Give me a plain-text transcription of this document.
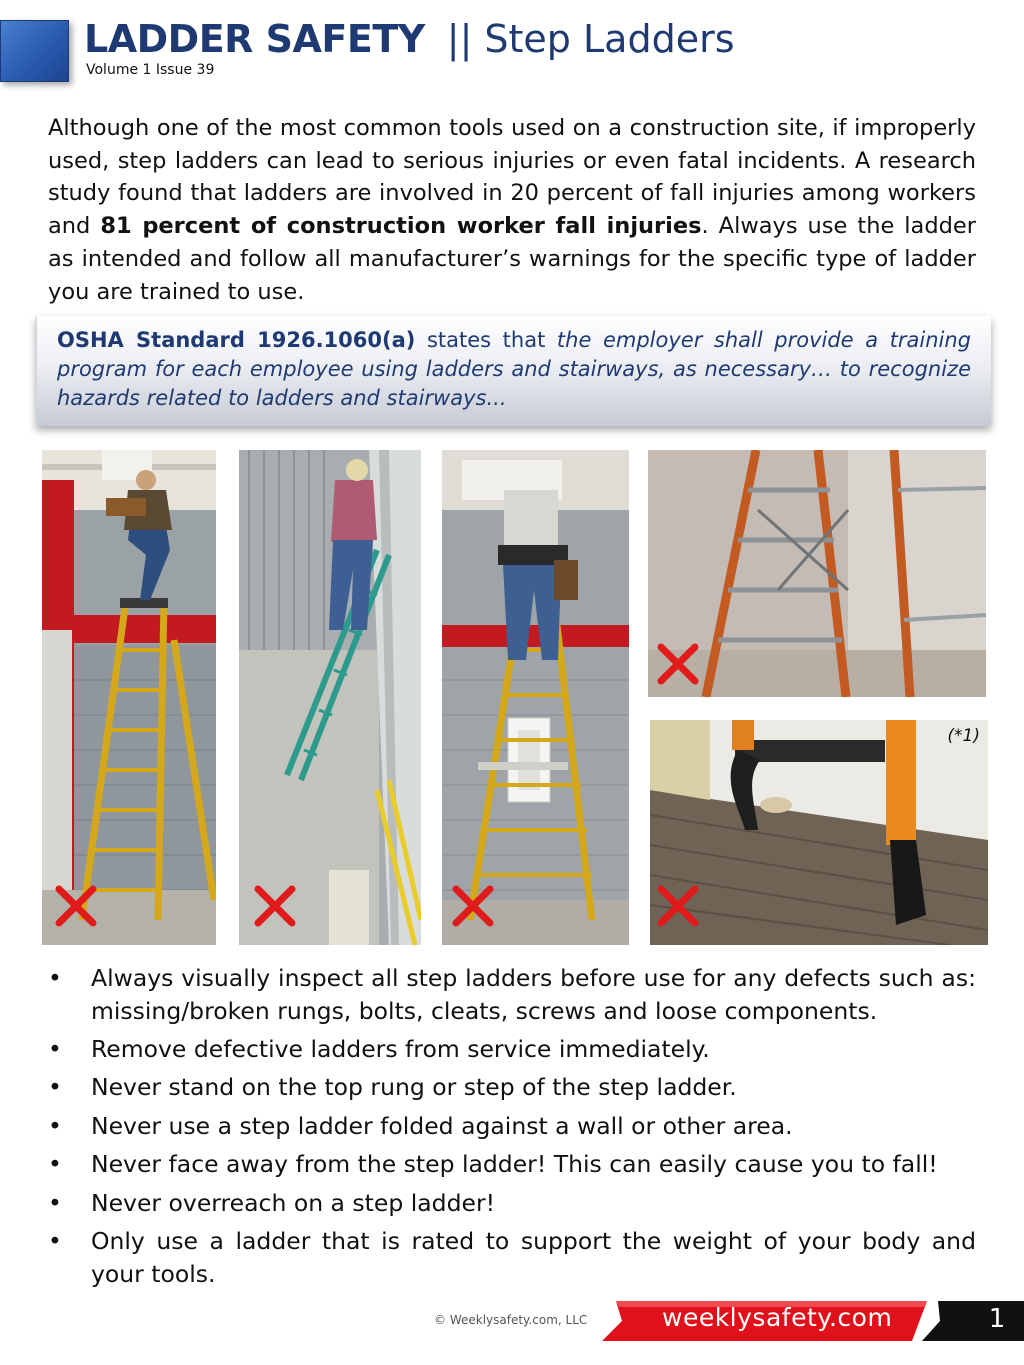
LADDER SAFETY || Step Ladders
Volume 1 Issue 39
Although one of the most common tools used on a construction site, if improperly used, step ladders can lead to serious injuries or even fatal incidents. A research study found that ladders are involved in 20 percent of fall injuries among workers and 81 percent of construction worker fall injuries. Always use the ladder as intended and follow all manufacturer’s warnings for the specific type of ladder you are trained to use.
OSHA Standard 1926.1060(a) states that the employer shall provide a training program for each employee using ladders and stairways, as necessary… to recognize hazards related to ladders and stairways...
(*1)
• Always visually inspect all step ladders before use for any defects such as: missing/broken rungs, bolts, cleats, screws and loose components.
• Remove defective ladders from service immediately.
• Never stand on the top rung or step of the step ladder.
• Never use a step ladder folded against a wall or other area.
• Never face away from the step ladder! This can easily cause you to fall!
• Never overreach on a step ladder!
• Only use a ladder that is rated to support the weight of your body and your tools.
© Weeklysafety.com, LLC	weeklysafety.com	1
